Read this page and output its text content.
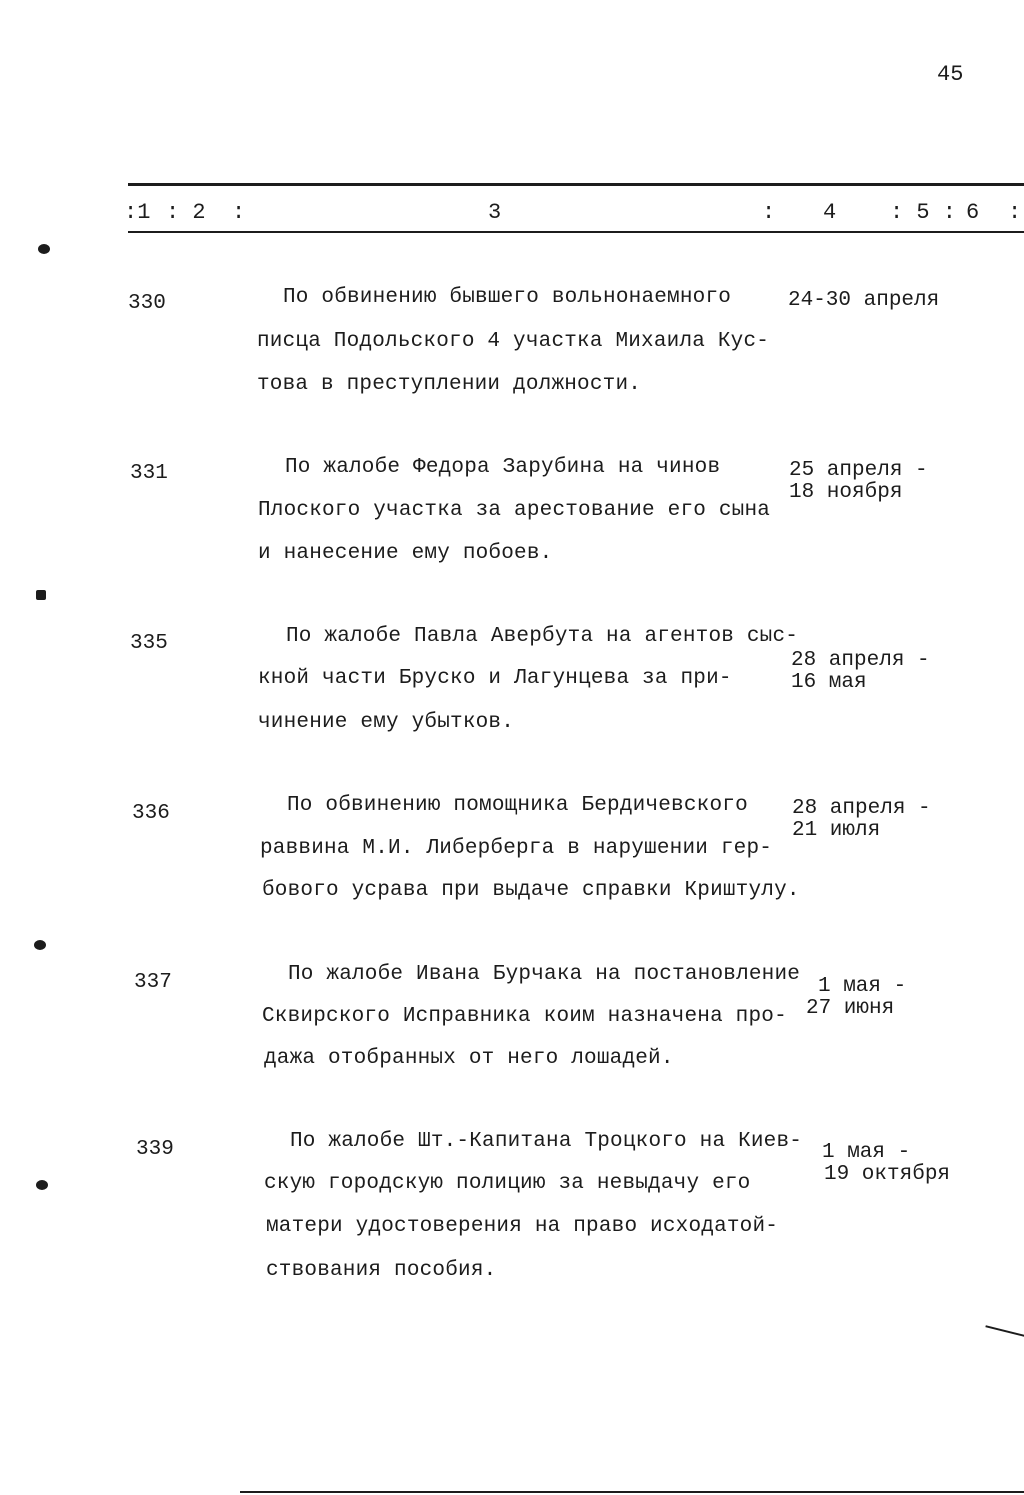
45
:1 : 2 :	3	: 4 : 5 : 6 :
330	По обвинению бывшего вольнонаемного
писца Подольского 4 участка Михаила Кус-
това в преступлении должности.
24-30 апреля
331	По жалобе Федора Зарубина на чинов
Плоского участка за арестование его сына
и нанесение ему побоев.
25 апреля -
18 ноября
335	По жалобе Павла Авербута на агентов сыс-
кной части Бруско и Лагунцева за при-
чинение ему убытков.
28 апреля -
16 мая
336	По обвинению помощника Бердичевского
раввина М.И. Либерберга в нарушении гер-
бового усрава при выдаче справки Криштулу.
28 апреля -
21 июля
337	По жалобе Ивана Бурчака на постановление
Сквирского Исправника коим назначена про-
дажа отобранных от него лошадей.
1 мая -
27 июня
339	По жалобе Шт.-Капитана Троцкого на Киев-
скую городскую полицию за невыдачу его
матери удостоверения на право исходатой-
ствования пособия.
1 мая -
19 октября
